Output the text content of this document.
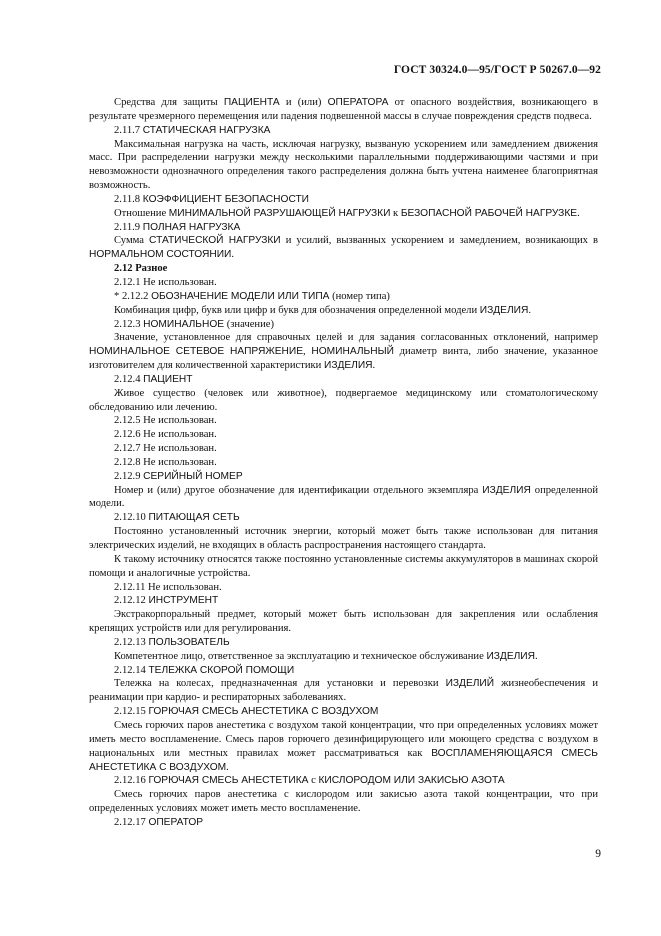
ГОСТ 30324.0—95/ГОСТ Р 50267.0—92

Средства для защиты ПАЦИЕНТА и (или) ОПЕРАТОРА от опасного воздействия, возникающего в результате чрезмерного перемещения или падения подвешенной массы в случае повреждения средств подвеса.

2.11.7 СТАТИЧЕСКАЯ НАГРУЗКА

Максимальная нагрузка на часть, исключая нагрузку, вызваную ускорением или замедлением движения масс. При распределении нагрузки между несколькими параллельными поддерживающими частями и при невозможности однозначного определения такого распределения должна быть учтена наименее благоприятная возможность.

2.11.8 КОЭФФИЦИЕНТ БЕЗОПАСНОСТИ

Отношение МИНИМАЛЬНОЙ РАЗРУШАЮЩЕЙ НАГРУЗКИ к БЕЗОПАСНОЙ РАБОЧЕЙ НАГРУЗКЕ.

2.11.9 ПОЛНАЯ НАГРУЗКА

Сумма СТАТИЧЕСКОЙ НАГРУЗКИ и усилий, вызванных ускорением и замедлением, возникающих в НОРМАЛЬНОМ СОСТОЯНИИ.

2.12 Разное

2.12.1 Не использован.

* 2.12.2 ОБОЗНАЧЕНИЕ МОДЕЛИ ИЛИ ТИПА (номер типа)

Комбинация цифр, букв или цифр и букв для обозначения определенной модели ИЗДЕЛИЯ.

2.12.3 НОМИНАЛЬНОЕ (значение)

Значение, установленное для справочных целей и для задания согласованных отклонений, например НОМИНАЛЬНОЕ СЕТЕВОЕ НАПРЯЖЕНИЕ, НОМИНАЛЬНЫЙ диаметр винта, либо значение, указанное изготовителем для количественной характеристики ИЗДЕЛИЯ.

2.12.4 ПАЦИЕНТ

Живое существо (человек или животное), подвергаемое медицинскому или стоматологическому обследованию или лечению.

2.12.5 Не использован.

2.12.6 Не использован.

2.12.7 Не использован.

2.12.8 Не использован.

2.12.9 СЕРИЙНЫЙ НОМЕР

Номер и (или) другое обозначение для идентификации отдельного экземпляра ИЗДЕЛИЯ определенной модели.

2.12.10 ПИТАЮЩАЯ СЕТЬ

Постоянно установленный источник энергии, который может быть также использован для питания электрических изделий, не входящих в область распространения настоящего стандарта.

К такому источнику относятся также постоянно установленные системы аккумуляторов в машинах скорой помощи и аналогичные устройства.

2.12.11 Не использован.

2.12.12 ИНСТРУМЕНТ

Экстракорпоральный предмет, который может быть использован для закрепления или ослабления крепящих устройств или для регулирования.

2.12.13 ПОЛЬЗОВАТЕЛЬ

Компетентное лицо, ответственное за эксплуатацию и техническое обслуживание ИЗДЕЛИЯ.

2.12.14 ТЕЛЕЖКА СКОРОЙ ПОМОЩИ

Тележка на колесах, предназначенная для установки и перевозки ИЗДЕЛИЙ жизнеобеспечения и реанимации при кардио- и респираторных заболеваниях.

2.12.15 ГОРЮЧАЯ СМЕСЬ АНЕСТЕТИКА С ВОЗДУХОМ

Смесь горючих паров анестетика с воздухом такой концентрации, что при определенных условиях может иметь место воспламенение. Смесь паров горючего дезинфицирующего или моющего средства с воздухом в национальных или местных правилах может рассматриваться как ВОСПЛАМЕНЯЮЩАЯСЯ СМЕСЬ АНЕСТЕТИКА С ВОЗДУХОМ.

2.12.16 ГОРЮЧАЯ СМЕСЬ АНЕСТЕТИКА с КИСЛОРОДОМ ИЛИ ЗАКИСЬЮ АЗОТА

Смесь горючих паров анестетика с кислородом или закисью азота такой концентрации, что при определенных условиях может иметь место воспламенение.

2.12.17 ОПЕРАТОР

9
